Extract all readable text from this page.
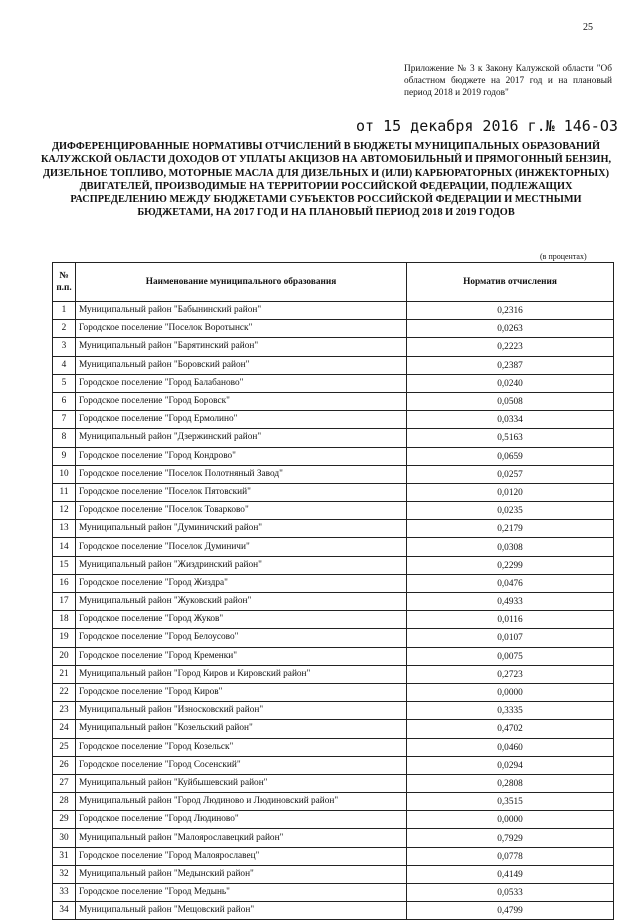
25
Приложение № 3 к Закону Калужской области "Об областном бюджете на 2017 год и на плановый период 2018 и 2019 годов"
от 15 декабря 2016 г.№ 146-ОЗ
ДИФФЕРЕНЦИРОВАННЫЕ НОРМАТИВЫ ОТЧИСЛЕНИЙ В БЮДЖЕТЫ МУНИЦИПАЛЬНЫХ ОБРАЗОВАНИЙ КАЛУЖСКОЙ ОБЛАСТИ ДОХОДОВ ОТ УПЛАТЫ АКЦИЗОВ НА АВТОМОБИЛЬНЫЙ И ПРЯМОГОННЫЙ БЕНЗИН, ДИЗЕЛЬНОЕ ТОПЛИВО, МОТОРНЫЕ МАСЛА ДЛЯ ДИЗЕЛЬНЫХ И (ИЛИ) КАРБЮРАТОРНЫХ (ИНЖЕКТОРНЫХ) ДВИГАТЕЛЕЙ, ПРОИЗВОДИМЫЕ НА ТЕРРИТОРИИ РОССИЙСКОЙ ФЕДЕРАЦИИ, ПОДЛЕЖАЩИХ РАСПРЕДЕЛЕНИЮ МЕЖДУ БЮДЖЕТАМИ СУБЪЕКТОВ РОССИЙСКОЙ ФЕДЕРАЦИИ И МЕСТНЫМИ БЮДЖЕТАМИ, НА 2017 ГОД И НА ПЛАНОВЫЙ ПЕРИОД 2018 И 2019 ГОДОВ
(в процентах)
№
п.п.	Наименование муниципального образования	Норматив отчисления
1	Муниципальный район "Бабынинский район"	0,2316
2	Городское поселение "Поселок Воротынск"	0,0263
3	Муниципальный район "Барятинский район"	0,2223
4	Муниципальный район "Боровский район"	0,2387
5	Городское поселение "Город Балабаново"	0,0240
6	Городское поселение "Город Боровск"	0,0508
7	Городское поселение "Город Ермолино"	0,0334
8	Муниципальный район "Дзержинский район"	0,5163
9	Городское поселение "Город Кондрово"	0,0659
10	Городское поселение "Поселок Полотняный Завод"	0,0257
11	Городское поселение "Поселок Пятовский"	0,0120
12	Городское поселение "Поселок Товарково"	0,0235
13	Муниципальный район "Думиничский район"	0,2179
14	Городское поселение "Поселок Думиничи"	0,0308
15	Муниципальный район "Жиздринский район"	0,2299
16	Городское поселение "Город Жиздра"	0,0476
17	Муниципальный район "Жуковский район"	0,4933
18	Городское поселение "Город Жуков"	0,0116
19	Городское поселение "Город Белоусово"	0,0107
20	Городское поселение "Город Кременки"	0,0075
21	Муниципальный район "Город Киров и Кировский район"	0,2723
22	Городское поселение "Город Киров"	0,0000
23	Муниципальный район "Износковский район"	0,3335
24	Муниципальный район "Козельский район"	0,4702
25	Городское поселение "Город Козельск"	0,0460
26	Городское поселение "Город Сосенский"	0,0294
27	Муниципальный район "Куйбышевский район"	0,2808
28	Муниципальный район "Город Людиново и Людиновский район"	0,3515
29	Городское поселение "Город Людиново"	0,0000
30	Муниципальный район "Малоярославецкий район"	0,7929
31	Городское поселение "Город Малоярославец"	0,0778
32	Муниципальный район "Медынский район"	0,4149
33	Городское поселение "Город Медынь"	0,0533
34	Муниципальный район "Мещовский район"	0,4799
